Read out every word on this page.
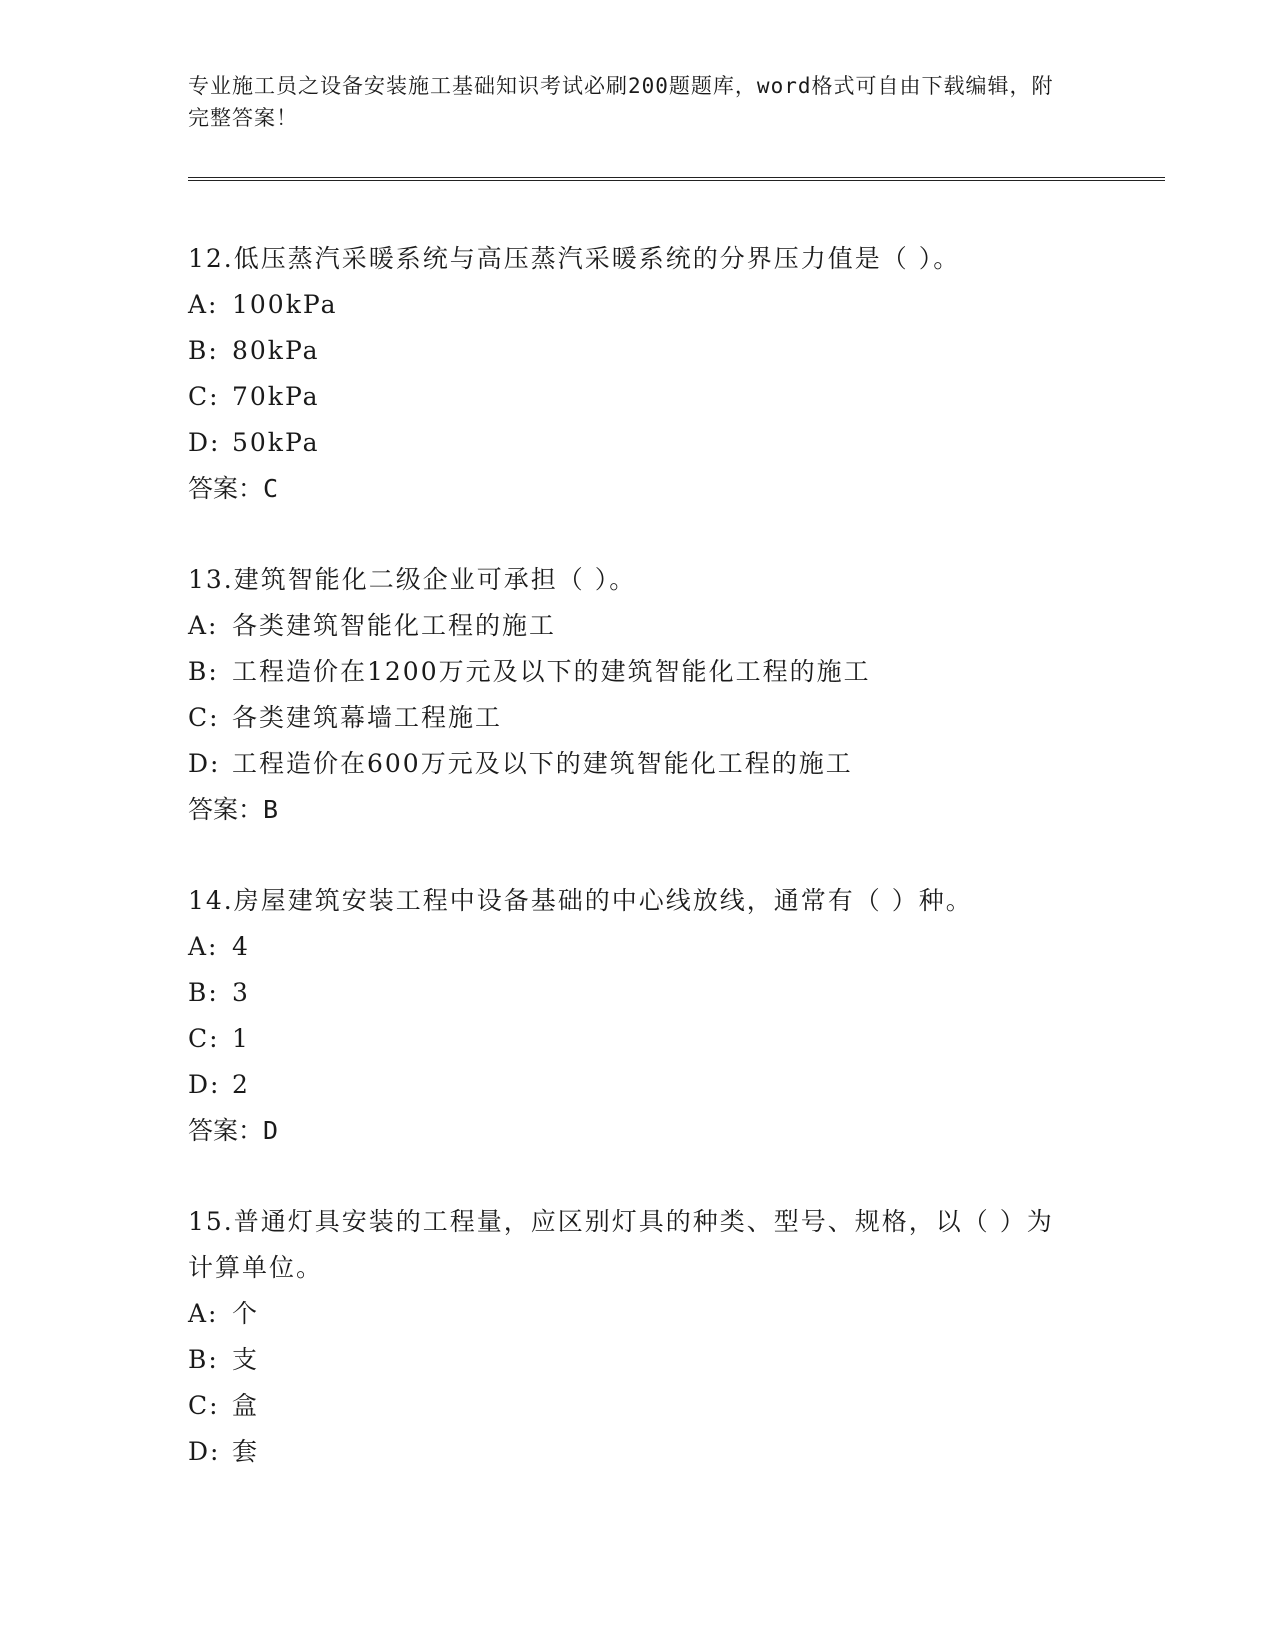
专业施工员之设备安装施工基础知识考试必刷200题题库，word格式可自由下载编辑，附完整答案！

12.低压蒸汽采暖系统与高压蒸汽采暖系统的分界压力值是（ ）。

A: 100kPa

B: 80kPa

C: 70kPa

D: 50kPa

答案：C

13.建筑智能化二级企业可承担（ ）。

A: 各类建筑智能化工程的施工

B: 工程造价在1200万元及以下的建筑智能化工程的施工

C: 各类建筑幕墙工程施工

D: 工程造价在600万元及以下的建筑智能化工程的施工

答案：B

14.房屋建筑安装工程中设备基础的中心线放线，通常有（ ）种。

A: 4

B: 3

C: 1

D: 2

答案：D

15.普通灯具安装的工程量，应区别灯具的种类、型号、规格，以（ ）为计算单位。

A: 个

B: 支

C: 盒

D: 套
